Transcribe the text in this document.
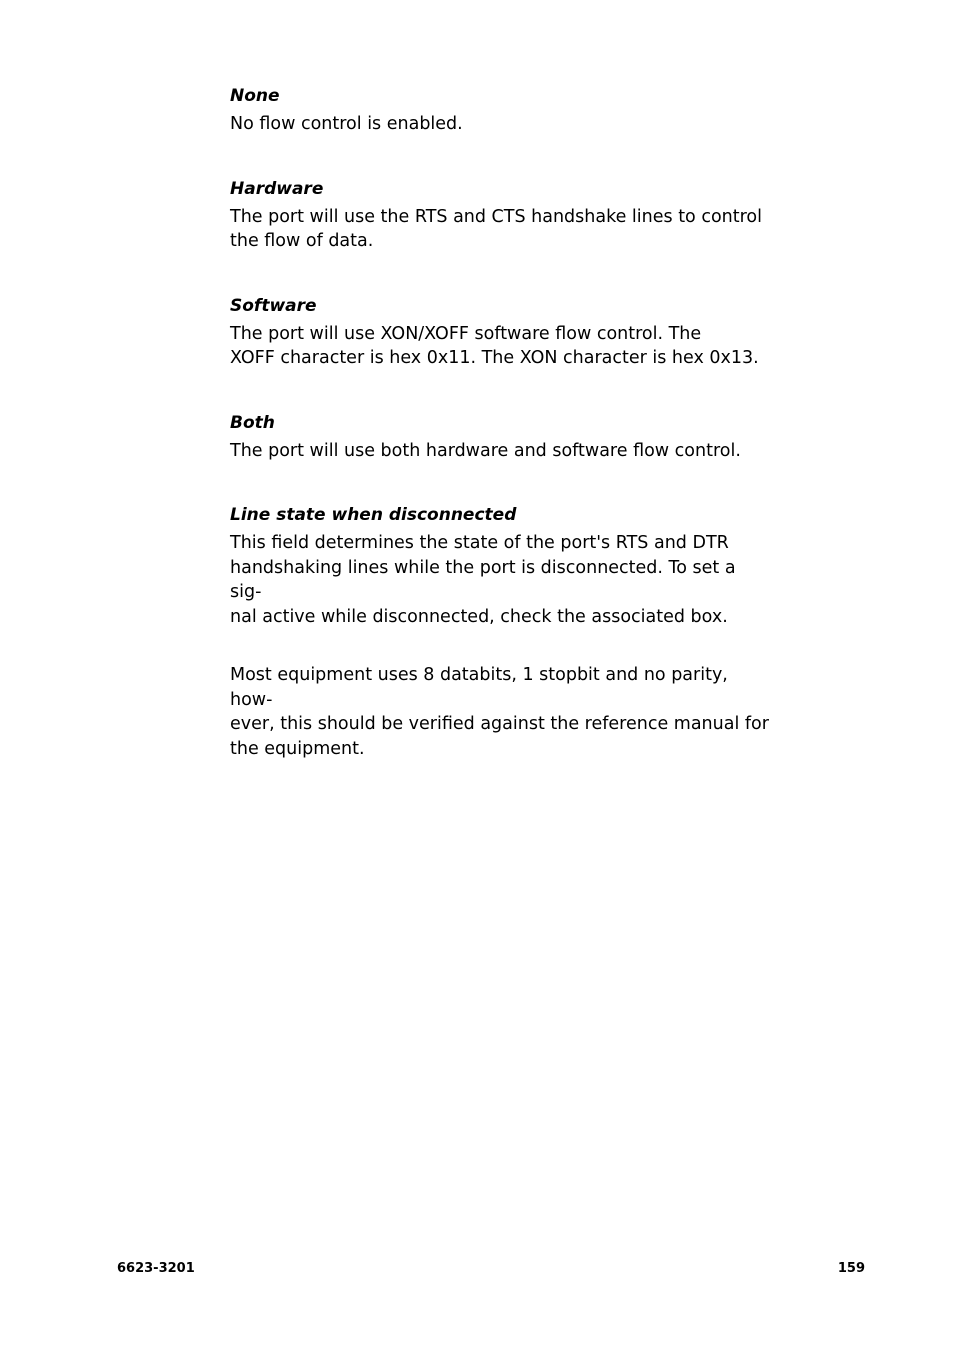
None
No flow control is enabled.
Hardware
The port will use the RTS and CTS handshake lines to control
the flow of data.
Software
The port will use XON/XOFF software flow control. The
XOFF character is hex 0x11. The XON character is hex 0x13.
Both
The port will use both hardware and software flow control.
Line state when disconnected
This field determines the state of the port's RTS and DTR
handshaking lines while the port is disconnected. To set a sig-
nal active while disconnected, check the associated box.
Most equipment uses 8 databits, 1 stopbit and no parity, how-
ever, this should be verified against the reference manual for
the equipment.
6623-3201	159
